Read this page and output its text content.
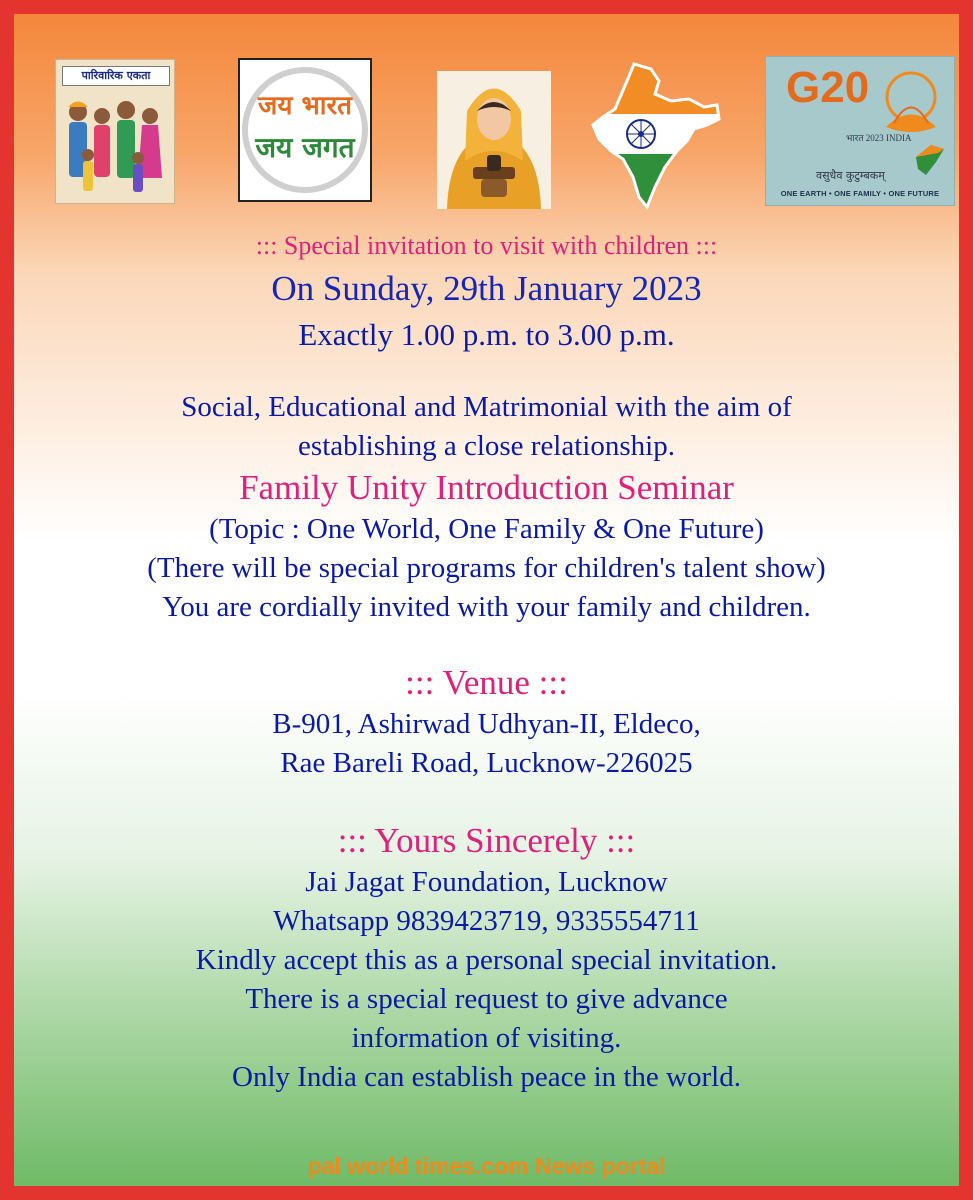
पारिवारिक एकता
जय भारत
जय जगत
G20
भारत 2023 INDIA
वसुधैव कुटुम्बकम्
ONE EARTH • ONE FAMILY • ONE FUTURE
::: Special invitation to visit with children :::
On Sunday, 29th January 2023
Exactly 1.00 p.m. to 3.00 p.m.
Social, Educational and Matrimonial with the aim of
establishing a close relationship.
Family Unity Introduction Seminar
(Topic : One World, One Family & One Future)
(There will be special programs for children's talent show)
You are cordially invited with your family and children.
::: Venue :::
B-901, Ashirwad Udhyan-II, Eldeco,
Rae Bareli Road, Lucknow-226025
::: Yours Sincerely :::
Jai Jagat Foundation, Lucknow
Whatsapp 9839423719, 9335554711
Kindly accept this as a personal special invitation.
There is a special request to give advance
information of visiting.
Only India can establish peace in the world.
pal world times.com News portal
